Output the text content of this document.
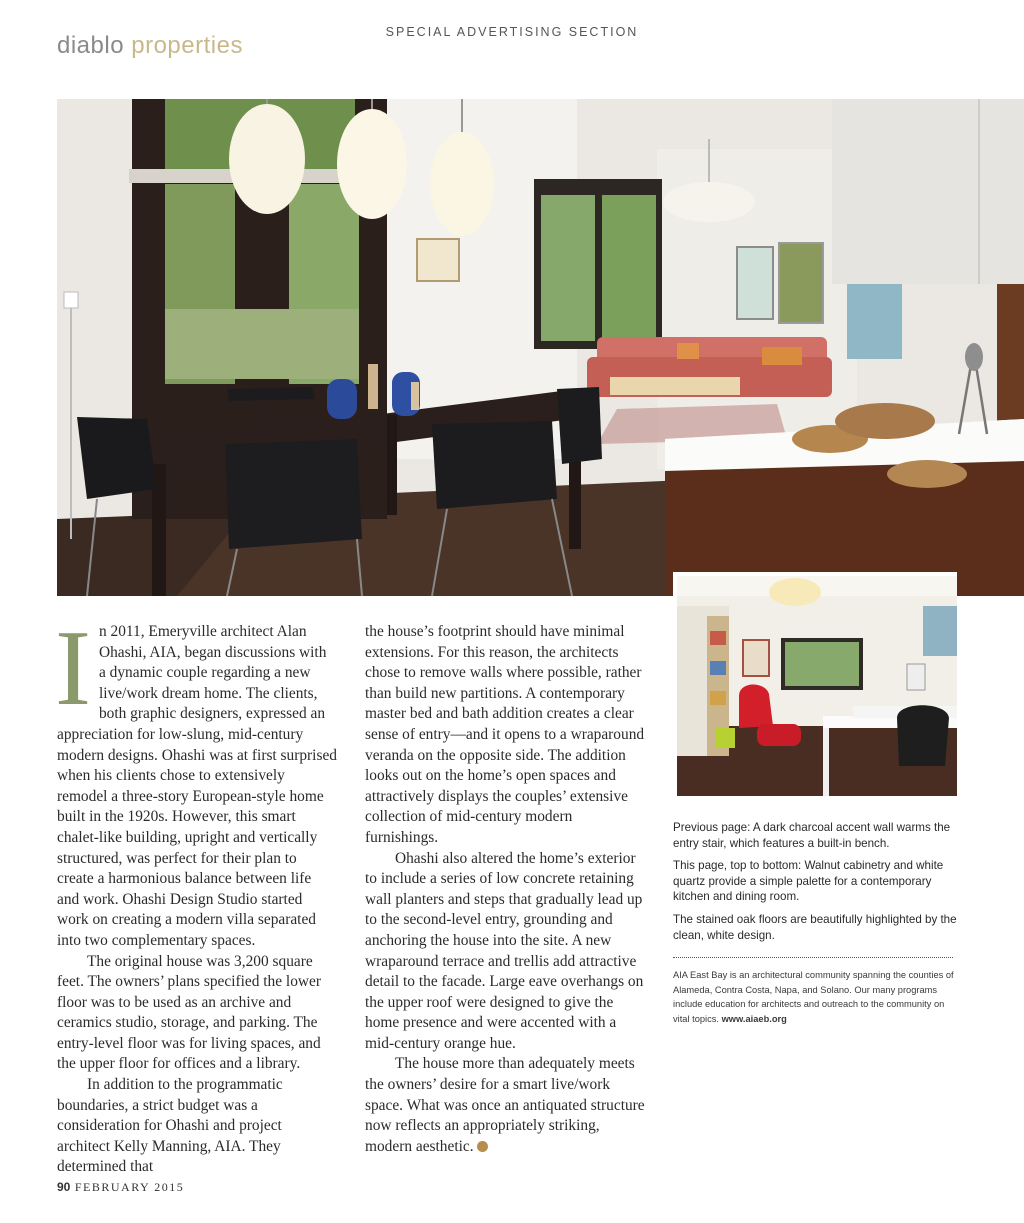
diablo properties	SPECIAL ADVERTISING SECTION

In 2011, Emeryville architect Alan Ohashi, AIA, began discussions with a dynamic couple regarding a new live/work dream home. The clients, both graphic designers, expressed an appreciation for low-slung, mid-century modern designs. Ohashi was at first surprised when his clients chose to extensively remodel a three-story European-style home built in the 1920s. However, this smart chalet-like building, upright and vertically structured, was perfect for their plan to create a harmonious balance between life and work. Ohashi Design Studio started work on creating a modern villa separated into two complementary spaces.

The original house was 3,200 square feet. The owners’ plans specified the lower floor was to be used as an archive and ceramics studio, storage, and parking. The entry-level floor was for living spaces, and the upper floor for offices and a library.

In addition to the programmatic boundaries, a strict budget was a consideration for Ohashi and project architect Kelly Manning, AIA. They determined that

the house’s footprint should have minimal extensions. For this reason, the architects chose to remove walls where possible, rather than build new partitions. A contemporary master bed and bath addition creates a clear sense of entry—and it opens to a wraparound veranda on the opposite side. The addition looks out on the home’s open spaces and attractively displays the couples’ extensive collection of mid-century modern furnishings.

Ohashi also altered the home’s exterior to include a series of low concrete retaining wall planters and steps that gradually lead up to the second-level entry, grounding and anchoring the house into the site. A new wraparound terrace and trellis add attractive detail to the facade. Large eave overhangs on the upper roof were designed to give the home presence and were accented with a mid-century orange hue.

The house more than adequately meets the owners’ desire for a smart live/work space. What was once an antiquated structure now reflects an appropriately striking, modern aesthetic.

Previous page: A dark charcoal accent wall warms the entry stair, which features a built-in bench.

This page, top to bottom: Walnut cabinetry and white quartz provide a simple palette for a contemporary kitchen and dining room.

The stained oak floors are beautifully highlighted by the clean, white design.

AIA East Bay is an architectural community spanning the counties of Alameda, Contra Costa, Napa, and Solano. Our many programs include education for architects and outreach to the community on vital topics. www.aiaeb.org
90 FEBRUARY 2015
